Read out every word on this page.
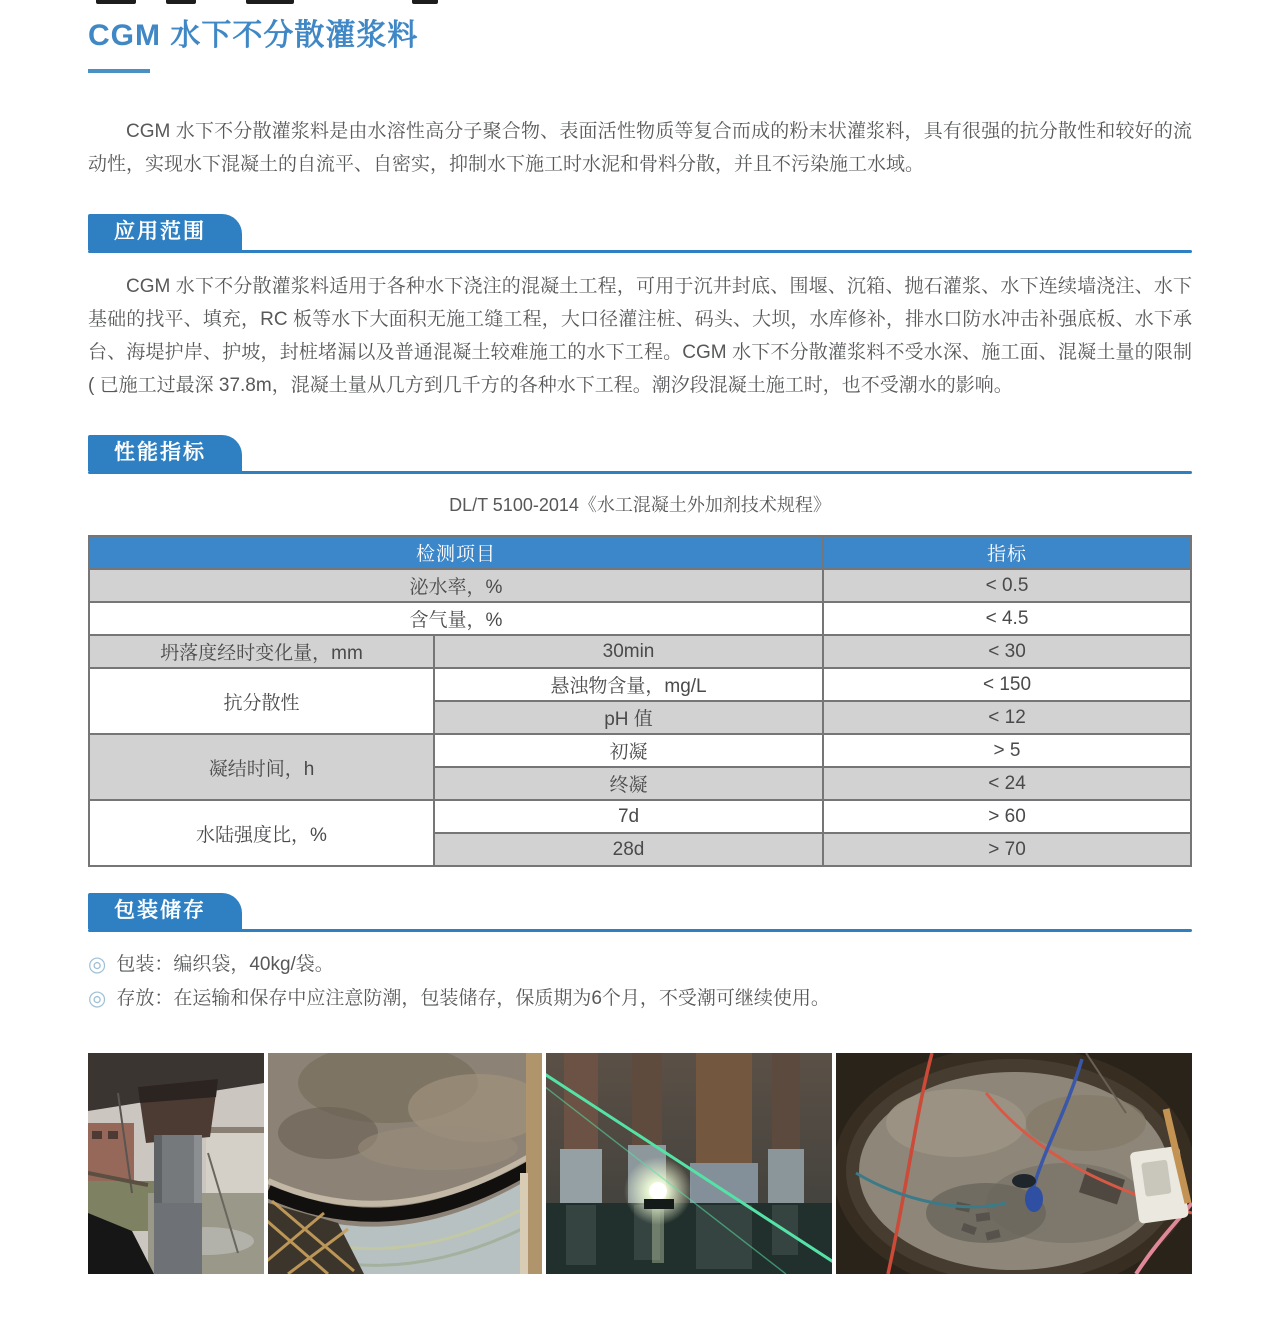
CGM 水下不分散灌浆料

CGM 水下不分散灌浆料是由水溶性高分子聚合物、表面活性物质等复合而成的粉末状灌浆料，具有很强的抗分散性和较好的流动性，实现水下混凝土的自流平、自密实，抑制水下施工时水泥和骨料分散，并且不污染施工水域。

应用范围

CGM 水下不分散灌浆料适用于各种水下浇注的混凝土工程，可用于沉井封底、围堰、沉箱、抛石灌浆、水下连续墙浇注、水下基础的找平、填充，RC 板等水下大面积无施工缝工程，大口径灌注桩、码头、大坝，水库修补，排水口防水冲击补强底板、水下承台、海堤护岸、护坡，封桩堵漏以及普通混凝土较难施工的水下工程。CGM 水下不分散灌浆料不受水深、施工面、混凝土量的限制 ( 已施工过最深 37.8m，混凝土量从几方到几千方的各种水下工程。潮汐段混凝土施工时，也不受潮水的影响。

性能指标

DL/T 5100-2014《水工混凝土外加剂技术规程》

检测项目		指标
泌水率，%		< 0.5
含气量，%		< 4.5
坍落度经时变化量，mm	30min	< 30
抗分散性	悬浊物含量，mg/L	< 150
	pH 值	< 12
凝结时间，h	初凝	> 5
	终凝	< 24
水陆强度比，%	7d	> 60
	28d	> 70
包装储存
◎ 包装：编织袋，40kg/袋。
◎ 存放：在运输和保存中应注意防潮，包装储存，保质期为6个月，不受潮可继续使用。
